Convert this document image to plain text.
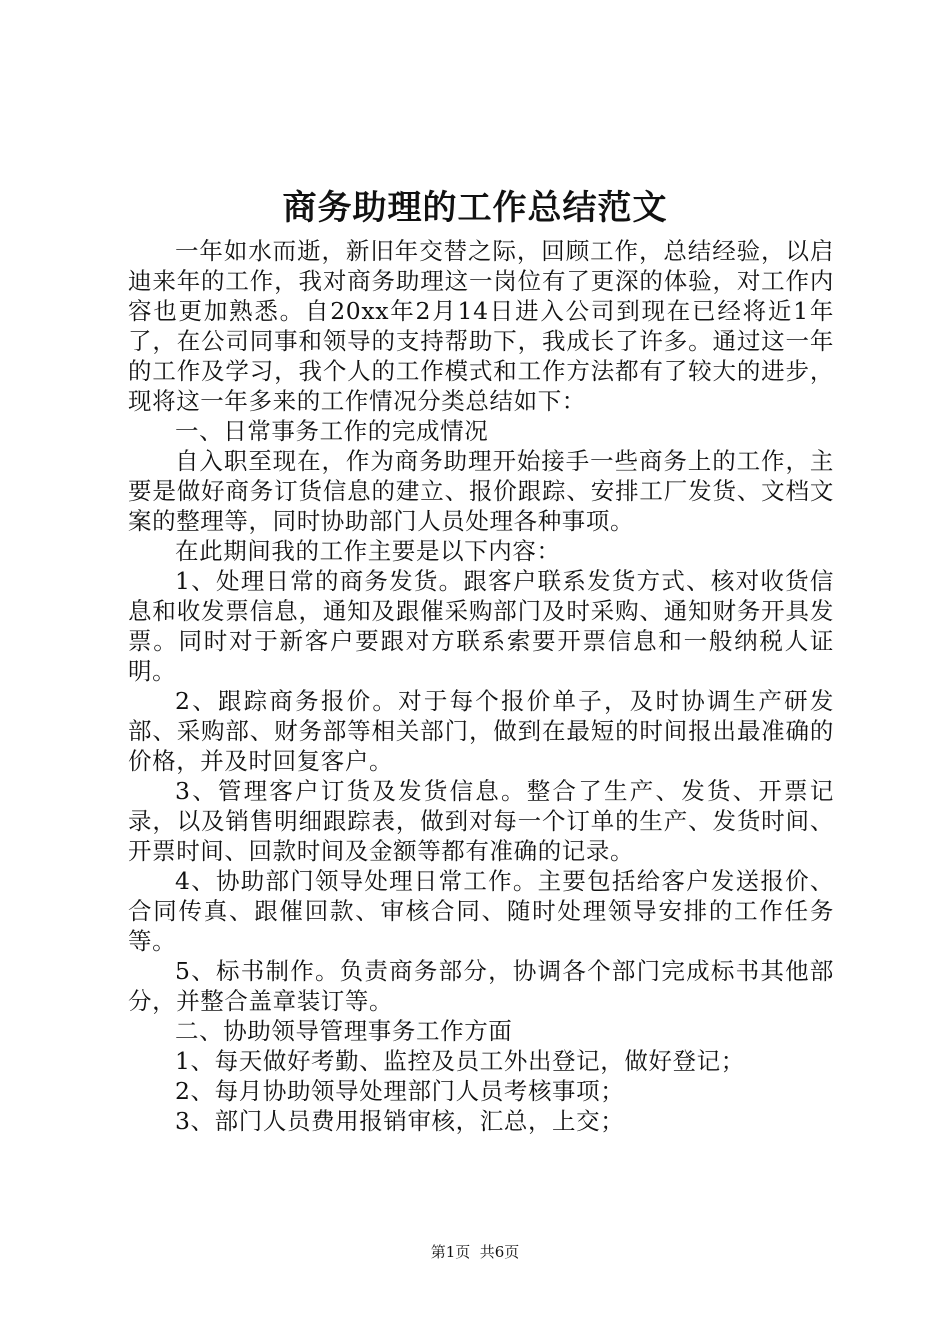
商务助理的工作总结范文

一年如水而逝，新旧年交替之际，回顾工作，总结经验，以启迪来年的工作，我对商务助理这一岗位有了更深的体验，对工作内容也更加熟悉。自20xx年2月14日进入公司到现在已经将近1年了，在公司同事和领导的支持帮助下，我成长了许多。通过这一年的工作及学习，我个人的工作模式和工作方法都有了较大的进步，现将这一年多来的工作情况分类总结如下：

一、日常事务工作的完成情况

自入职至现在，作为商务助理开始接手一些商务上的工作，主要是做好商务订货信息的建立、报价跟踪、安排工厂发货、文档文案的整理等，同时协助部门人员处理各种事项。

在此期间我的工作主要是以下内容：

1、处理日常的商务发货。跟客户联系发货方式、核对收货信息和收发票信息，通知及跟催采购部门及时采购、通知财务开具发票。同时对于新客户要跟对方联系索要开票信息和一般纳税人证明。

2、跟踪商务报价。对于每个报价单子，及时协调生产研发部、采购部、财务部等相关部门，做到在最短的时间报出最准确的价格，并及时回复客户。

3、管理客户订货及发货信息。整合了生产、发货、开票记录，以及销售明细跟踪表，做到对每一个订单的生产、发货时间、开票时间、回款时间及金额等都有准确的记录。

4、协助部门领导处理日常工作。主要包括给客户发送报价、合同传真、跟催回款、审核合同、随时处理领导安排的工作任务等。

5、标书制作。负责商务部分，协调各个部门完成标书其他部分，并整合盖章装订等。

二、协助领导管理事务工作方面

1、每天做好考勤、监控及员工外出登记，做好登记；

2、每月协助领导处理部门人员考核事项；

3、部门人员费用报销审核，汇总，上交；

第1页  共6页
